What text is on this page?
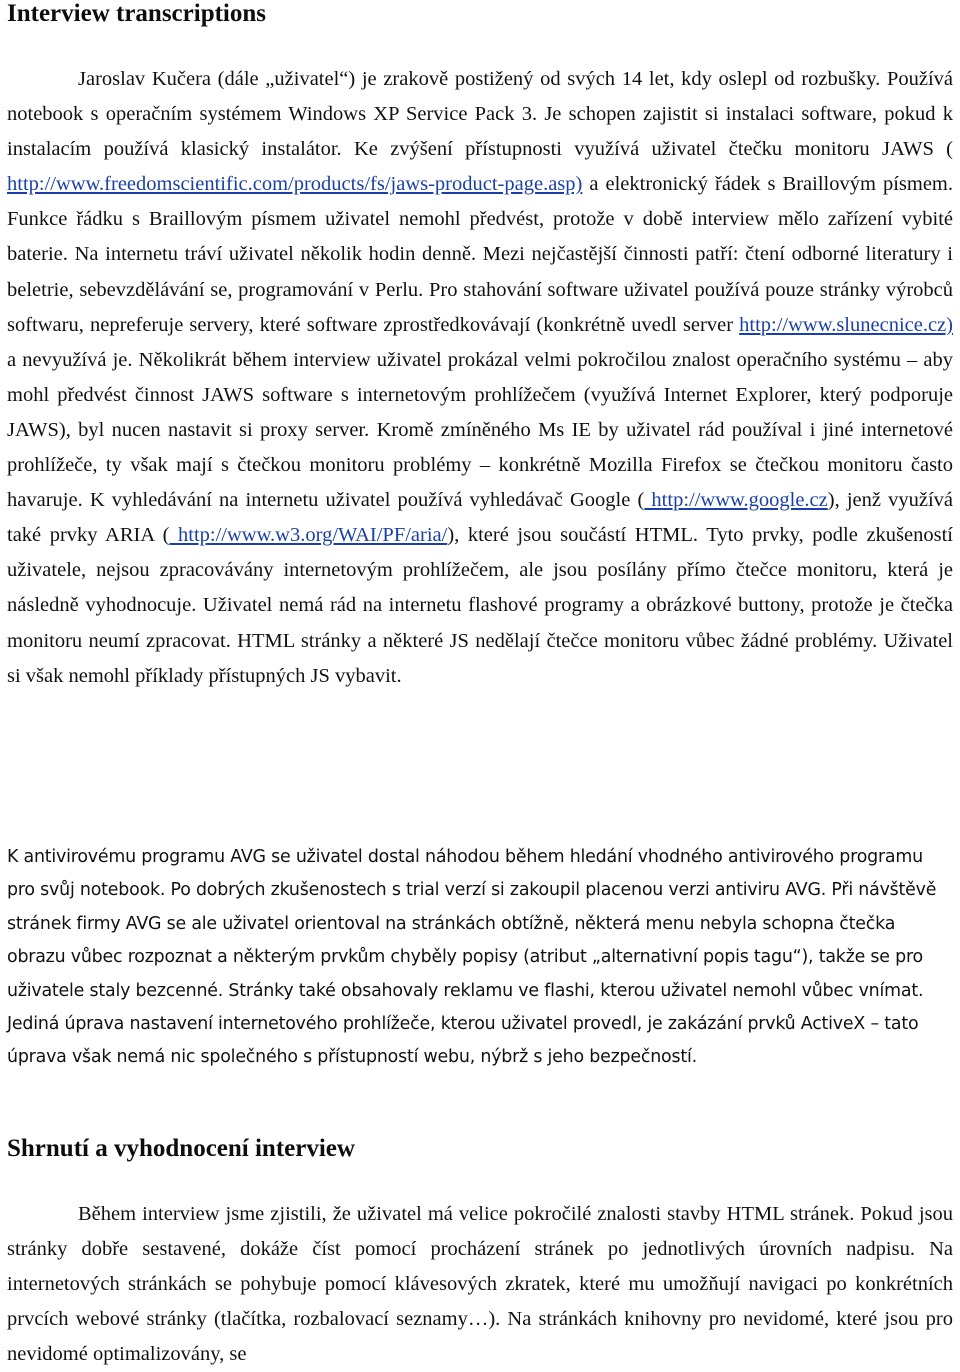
Interview transcriptions

Jaroslav Kučera (dále „uživatel“) je zrakově postižený od svých 14 let, kdy oslepl od rozbušky. Používá notebook s operačním systémem Windows XP Service Pack 3. Je schopen zajistit si instalaci software, pokud k instalacím používá klasický instalátor. Ke zvýšení přístupnosti využívá uživatel čtečku monitoru JAWS ( http://www.freedomscientific.com/products/fs/jaws-product-page.asp) a elektronický řádek s Braillovým písmem. Funkce řádku s Braillovým písmem uživatel nemohl předvést, protože v době interview mělo zařízení vybité baterie. Na internetu tráví uživatel několik hodin denně. Mezi nejčastější činnosti patří: čtení odborné literatury i beletrie, sebevzdělávání se, programování v Perlu. Pro stahování software uživatel používá pouze stránky výrobců softwaru, nepreferuje servery, které software zprostředkovávají (konkrétně uvedl server http://www.slunecnice.cz) a nevyužívá je. Několikrát během interview uživatel prokázal velmi pokročilou znalost operačního systému – aby mohl předvést činnost JAWS software s internetovým prohlížečem (využívá Internet Explorer, který podporuje JAWS), byl nucen nastavit si proxy server. Kromě zmíněného Ms IE by uživatel rád používal i jiné internetové prohlížeče, ty však mají s čtečkou monitoru problémy – konkrétně Mozilla Firefox se čtečkou monitoru často havaruje. K vyhledávání na internetu uživatel používá vyhledávač Google ( http://www.google.cz), jenž využívá také prvky ARIA ( http://www.w3.org/WAI/PF/aria/), které jsou součástí HTML. Tyto prvky, podle zkušeností uživatele, nejsou zpracovávány internetovým prohlížečem, ale jsou posílány přímo čtečce monitoru, která je následně vyhodnocuje. Uživatel nemá rád na internetu flashové programy a obrázkové buttony, protože je čtečka monitoru neumí zpracovat. HTML stránky a některé JS nedělají čtečce monitoru vůbec žádné problémy. Uživatel si však nemohl příklady přístupných JS vybavit.

K antivirovému programu AVG se uživatel dostal náhodou během hledání vhodného antivirového programu pro svůj notebook. Po dobrých zkušenostech s trial verzí si zakoupil placenou verzi antiviru AVG. Při návštěvě stránek firmy AVG se ale uživatel orientoval na stránkách obtížně, některá menu nebyla schopna čtečka obrazu vůbec rozpoznat a některým prvkům chyběly popisy (atribut „alternativní popis tagu“), takže se pro uživatele staly bezcenné. Stránky také obsahovaly reklamu ve flashi, kterou uživatel nemohl vůbec vnímat. Jediná úprava nastavení internetového prohlížeče, kterou uživatel provedl, je zakázání prvků ActiveX – tato úprava však nemá nic společného s přístupností webu, nýbrž s jeho bezpečností.

Shrnutí a vyhodnocení interview

Během interview jsme zjistili, že uživatel má velice pokročilé znalosti stavby HTML stránek. Pokud jsou stránky dobře sestavené, dokáže číst pomocí procházení stránek po jednotlivých úrovních nadpisu. Na internetových stránkách se pohybuje pomocí klávesových zkratek, které mu umožňují navigaci po konkrétních prvcích webové stránky (tlačítka, rozbalovací seznamy…). Na stránkách knihovny pro nevidomé, které jsou pro nevidomé optimalizovány, se
